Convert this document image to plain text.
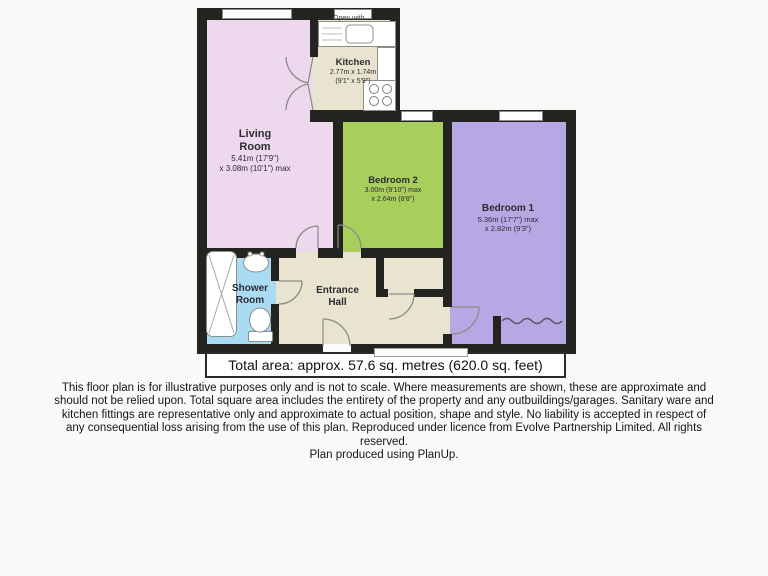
Living
Room
5.41m (17'9")
x 3.08m (10'1") max
Kitchen
2.77m x 1.74m
(9'1" x 5'9")
Bedroom 2
3.00m (9'10") max
x 2.64m (8'8")
Bedroom 1
5.36m (17'7") max
x 2.82m (9'3")
Shower
Room
Entrance
Hall
Open with
Total area: approx. 57.6 sq. metres (620.0 sq. feet)
This floor plan is for illustrative purposes only and is not to scale. Where measurements are shown, these are approximate and
should not be relied upon. Total square area includes the entirety of the property and any outbuildings/garages. Sanitary ware and
kitchen fittings are representative only and approximate to actual position, shape and style. No liability is accepted in respect of
any consequential loss arising from the use of this plan. Reproduced under licence from Evolve Partnership Limited. All rights
reserved.
Plan produced using PlanUp.
